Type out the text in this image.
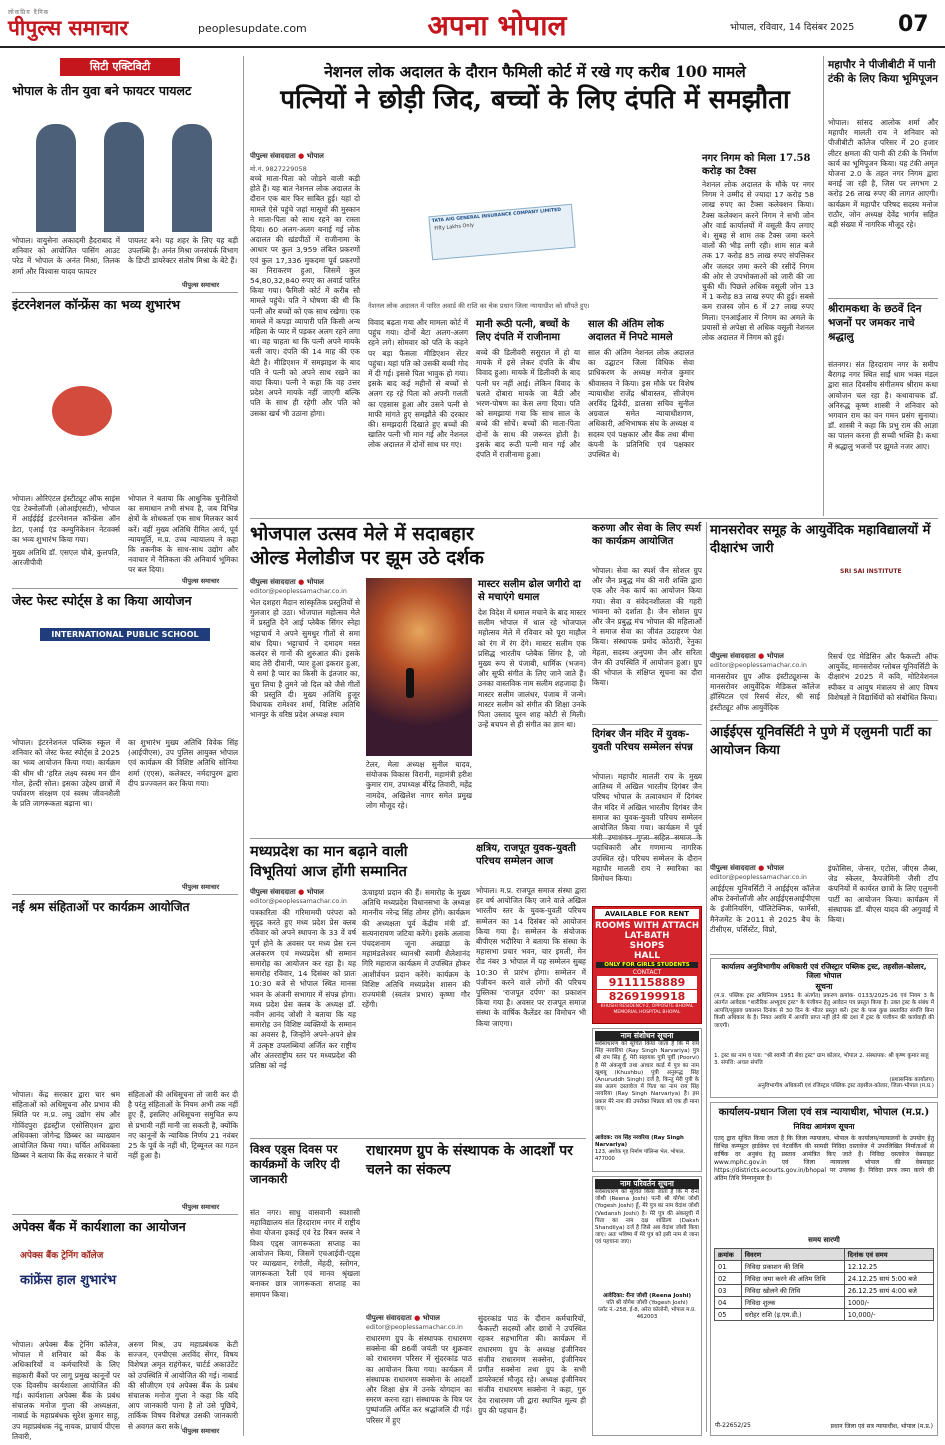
लोकप्रिय दैनिक
पीपुल्स समाचार	peoplesupdate.com	अपना भोपाल	भोपाल, रविवार, 14 दिसंबर 2025 07
सिटी एक्टिविटी
भोपाल के तीन युवा बने फायटर पायलट
भोपाल। वायुसेना अकादमी हैदराबाद में शनिवार को आयोजित पासिंग आउट परेड में भोपाल के अनंत मिश्रा, तिलक शर्मा और विश्वास यादव फायटर
पायलट बने। यह शहर के लिए यह बड़ी उपलब्धि है। अनंत मिश्रा जनसंपर्क विभाग के डिप्टी डायरेक्टर संतोष मिश्रा के बेटे हैं।
पीपुल्स समाचार
इंटरनेशनल कॉन्फ्रेंस का भव्य शुभारंभ
भोपाल। ओरिएंटल इंस्टीट्यूट ऑफ साइंस एंड टेक्नोलॉजी (ओआईएसटी), भोपाल में आईईईई इंटरनेशनल कॉन्फ्रेंस ऑन डेटा, एआई एंड कम्युनिकेशन नेटवर्क्स का भव्य शुभारंभ किया गया।
मुख्य अतिथि डॉ. एसएल चौबे, कुलपति, आरजीपीवी
भोपाल ने बताया कि आधुनिक चुनौतियों का समाधान तभी संभव है, जब विभिन्न क्षेत्रों के शोधकर्ता एक साथ मिलकर कार्य करें। वहीं मुख्य अतिथि रीमित आर्य, पूर्व न्यायमूर्ति, म.प्र. उच्च न्यायालय ने कहा कि तकनीक के साथ-साथ उद्योग और नवाचार में नैतिकता की अनिवार्य भूमिका पर बल दिया।
पीपुल्स समाचार
जेस्ट फेस्ट स्पोर्ट्स डे का किया आयोजन
INTERNATIONAL PUBLIC SCHOOL
भोपाल। इंटरनेशनल पब्लिक स्कूल में शनिवार को जेस्ट फेस्ट स्पोर्ट्स डे 2025 का भव्य आयोजन किया गया। कार्यक्रम की थीम थी 'हरित लक्ष्य स्वस्थ मन ग्रीन गोल, हेल्दी सोल। इसका उद्देश्य छात्रों में पर्यावरण संरक्षण एवं स्वस्थ जीवनशैली के प्रति जागरूकता बढ़ाना था।
का शुभारंभ मुख्य अतिथि विवेक सिंह (आईपीएस), उप पुलिस आयुक्त भोपाल एवं कार्यक्रम की विशिष्ट अतिथि सोनिया शर्मा (एएस), कलेक्टर, नर्मदापुरम द्वारा दीप प्रज्ज्वलन कर किया गया।
पीपुल्स समाचार
नई श्रम संहिताओं पर कार्यक्रम आयोजित
भोपाल। केंद्र सरकार द्वारा चार श्रम संहिताओं को अधिसूचना और प्रभाव की स्थिति पर म.प्र. लघु उद्योग संघ और गोविंदपुरा इंडस्ट्रीज एसोसिएशन द्वारा अधिवक्ता जोगेन्द्र छिब्बर का व्याख्यान आयोजित किया गया। चर्चित अधिवक्ता छिब्बर ने बताया कि केंद्र सरकार ने चारों
संहिताओं की अधिसूचना तो जारी कर दी है परंतु संहिताओं के नियम अभी तक नहीं हुए हैं, इसलिए अधिसूचना समुचित रूप से प्रभावी नहीं मानी जा सकती है, क्योंकि नए कानूनों के न्यायिक निर्णय 21 नवंबर 25 के पूर्व के नहीं थी, ट्रिब्यूनल का गठन नहीं हुआ है।
पीपुल्स समाचार
अपेक्स बैंक में कार्यशाला का आयोजन
अपेक्स बैंक ट्रेनिंग कॉलेज
कांफ्रेंस हाल शुभारंभ
भोपाल। अपेक्स बैंक ट्रेनिंग कॉलेज, भोपाल में शनिवार को बैंक के अधिकारियों व कर्मचारियों के लिए सहकारी बैंकों पर लागू प्रमुख कानूनों पर एक दिवसीय कार्यशाला आयोजित की गई। कार्यशाला अपेक्स बैंक के प्रबंध संचालक मनोज गुप्ता की अध्यक्षता, नाबार्ड के महाप्रबंधक सुरेश कुमार साहू, उप महाप्रबंधक नंदू नायक, प्राचार्य पीएस तिवारी,
अरुण मिश्र, उप महाप्रबंधक केटी सज्जन, एनपीएस अरविंद सेंगर, विषय विशेषज्ञ अमृत राहंगेकर, चार्टर्ड अकाउंटेंट को उपस्थिति में आयोजित की गई। नाबार्ड की सीजीएम एवं अपेक्स बैंक के प्रबंध संचालक मनोज गुप्ता ने कहा कि यदि आप जानकारी पाना है तो उसे पूछिये, तार्किक विषय विशेषज्ञ उसकी जानकारी से अवगत करा सके।
पीपुल्स समाचार
नेशनल लोक अदालत के दौरान फैमिली कोर्ट में रखे गए करीब 100 मामले
पत्नियों ने छोड़ी जिद, बच्चों के लिए दंपति में समझौता
पीपुल्स संवाददाता ● भोपाल
मो.नं. 9827229058
बच्चे माता-पिता को जोड़ने वाली कड़ी होते हैं। यह बात नेशनल लोक अदालत के दौरान एक बार फिर साबित हुई। यहां दो मामले ऐसे पहुंचे जहां मासूमों की मुस्कान ने माता-पिता को साथ रहने का रास्ता दिया। 60 अलग-अलग बनाई गई लोक अदालत की खंडपीठों में राजीनामा के आधार पर कुल 3,959 लंबित प्रकरणों एवं कुल 17,336 मुकदमा पूर्व प्रकरणों का निराकरण हुआ, जिसमें कुल 54,80,32,840 रुपए का अवार्ड पारित किया गया। फैमिली कोर्ट में करीब सौ मामले पहुंचे। पति ने घोषणा की थी कि पत्नी और बच्चों को एक साथ रखेगा। एक मामले में कपड़ा व्यापारी पति किसी अन्य महिला के प्यार में पड़कर अलग रहने लगा था। वह चाहता था कि पत्नी अपने मायके चली जाए। दंपति की 14 माह की एक बेटी है। मीडिएशन में समझाइश के बाद पति ने पत्नी को अपने साथ रखने का वादा किया। पत्नी ने कहा कि वह उत्तर प्रदेश अपने मायके नहीं जाएगी बल्कि पति के साथ ही रहेगी और पति को उसका खर्च भी उठाना होगा।
TATA AIG GENERAL INSURANCE COMPANY LIMITED
Fifty Lakhs Only
नेशनल लोक अदालत में पारित अवार्ड की राशि का चेक प्रधान जिला न्यायाधीश को सौंपते हुए।
विवाद बढ़ता गया और मामला कोर्ट में पहुंच गया। दोनों बेटा अलग-अलग रहने लगे। सोमवार को पति के कहने पर बड़ा फैसला मीडिएशन सेंटर पहुंचा। यहां पति को उसकी बच्ची गोद में दी गई। इससे पिता भावुक हो गया। इसके बाद कई महीनों से बच्चों से अलग रह रहे पिता को अपनी गलती का एहसास हुआ और उसने पत्नी से माफी मांगते हुए समझौते की दरकार की। समझदारी दिखाते हुए बच्चों की खातिर पत्नी भी मान गई और नेशनल लोक अदालत में दोनों साथ घर गए।
मानी रूठी पत्नी, बच्चों के लिए दंपति में राजीनामा
बच्चे की डिलीवरी ससुराल में हो या मायके में इसे लेकर दंपति के बीच विवाद हुआ। मायके में डिलीवरी के बाद पत्नी घर नहीं आई। लेकिन विवाद के चलते दोबारा मायके जा बैठी और भरण-पोषण का केस लगा दिया। पति को समझाया गया कि साथ साल के बच्चे की सोचें। बच्चों की माता-पिता दोनों के साथ की जरूरत होती है। इसके बाद रूठी पत्नी मान गई और दंपति में राजीनामा हुआ।
साल की अंतिम लोक अदालत में निपटे मामले
साल की अंतिम नेशनल लोक अदालत का उद्घाटन जिला विधिक सेवा प्राधिकरण के अध्यक्ष मनोज कुमार श्रीवास्तव ने किया। इस मौके पर विशेष न्यायाधीश राजेंद्र श्रीवास्तव, सीजेएम अरविंद द्विवेदी, डालसा सचिव सुनील अग्रवाल समेत न्यायाधीशगण, अधिकारी, अभिभाषक संघ के अध्यक्ष व सदस्य एवं पक्षकार और बैंक तथा बीमा कंपनी के प्रतिनिधि एवं पक्षकार उपस्थित थे।
नगर निगम को मिला 17.58 करोड़ का टैक्स
नेशनल लोक अदालत के मौके पर नगर निगम ने उम्मीद से ज्यादा 17 करोड़ 58 लाख रुपए का टैक्स कलेक्शन किया। टैक्स कलेक्शन करने निगम ने सभी जोन और वार्ड कार्यालयों में वसूली कैंप लगाए थे। सुबह से शाम तक टैक्स जमा करने वालों की भीड़ लगी रही। शाम सात बजे तक 17 करोड़ 85 लाख रुपए संपत्तिकर और जलदर जमा करने की रसीदें निगम की ओर से उपभोक्ताओं को जारी की जा चुकी थीं। पिछले अधिक वसूली जोन 13 में 1 करोड़ 83 लाख रुपए की हुई। सबसे कम राजस्व जोन 6 में 27 लाख रुपए मिला। एनआईआर में निगम का अमले के प्रयासों से अपेक्षा से अधिक वसूली नेशनल लोक अदालत में निगम को हुई।
महापौर ने पीजीबीटी में पानी टंकी के लिए किया भूमिपूजन
भोपाल। सांसद आलोक शर्मा और महापौर मालती राय ने शनिवार को पीजीबीटी कॉलेज परिसर में 20 हजार लीटर क्षमता की पानी की टंकी के निर्माण कार्य का भूमिपूजन किया। यह टंकी अमृत योजना 2.0 के तहत नगर निगम द्वारा बनाई जा रही है, जिस पर लगभग 2 करोड़ 26 लाख रुपए की लागत आएगी। कार्यक्रम में महापौर परिषद सदस्य मनोज राठौर, जोन अध्यक्ष देवेंद्र भार्गव सहित बड़ी संख्या में नागरिक मौजूद रहे।
श्रीरामकथा के छठवें दिन भजनों पर जमकर नाचे श्रद्धालु
संतनगर। संत हिरदाराम नगर के समीप बैरागढ़ नगर स्थित साईं धाम भक्त मंडल द्वारा सात दिवसीय संगीतमय श्रीराम कथा आयोजन चल रहा है। कथावाचक डॉ. अनिरुद्ध कृष्ण शास्त्री ने शनिवार को भगवान राम का वन गमन प्रसंग सुनाया। डॉ. शास्त्री ने कहा कि प्रभु राम की आज्ञा का पालन करना ही सच्ची भक्ति है। कथा में श्रद्धालु भजनों पर झूमते नजर आए।
भोजपाल उत्सव मेले में सदाबहार
ओल्ड मेलोडीज पर झूम उठे दर्शक
पीपुल्स संवाददाता ● भोपाल
editor@peoplessamachar.co.in
भेल दशहरा मैदान सांस्कृतिक प्रस्तुतियों से गुलजार हो उठा। भोजपाल महोत्सव मेले में प्रस्तुति देने आई प्लेबैक सिंगर स्नेहा भट्टाचार्य ने अपने सुमधुर गीतों से समा बांध दिया। भट्टाचार्य ने दमादम मस्त कलंदर से गानों की शुरुआत की। इसके बाद तेरी दीवानी, प्यार हुआ इकरार हुआ, ये समां है प्यार का किसी के इंतजार का, चुरा लिया है तुमने जो दिल को जैसे गीतों की प्रस्तुति दी। मुख्य अतिथि हुजूर विधायक रामेश्वर शर्मा, विशिष्ट अतिथि भानपुर के वरिष्ठ प्रदेश अध्यक्ष श्याम
टेलर, मेला अध्यक्ष सुनील यादव, संयोजक विकास विरानी, महामंत्री हरीश कुमार राम, उपाध्यक्ष बीरेंद्र तिवारी, महेंद्र नामदेव, अखिलेश नागर समेत प्रमुख लोग मौजूद रहे।
मास्टर सलीम ढोल जगीरो दा से मचाएंगे धमाल
देश विदेश में धमाल मचाने के बाद मास्टर सलीम भोपाल में धाल रहे भोजपाल महोत्सव मेले में रविवार को पूरा माहौल को रंग में रंग देंगे। मास्टर सलीम एक प्रसिद्ध भारतीय प्लेबैक सिंगर है, जो मुख्य रूप से पंजाबी, धार्मिक (भजन) और सूफी संगीत के लिए जाने जाते हैं। उनका वास्तविक नाम सलीम शहजादा है। मास्टर सलीम जालंधर, पंजाब में जन्मे। मास्टर सलीम को संगीत की शिक्षा उनके पिता उस्ताद पूरन शाह कोटी से मिली। उन्हें बचपन से ही संगीत का ज्ञान था।
करुणा और सेवा के लिए स्पर्श का कार्यक्रम आयोजित
भोपाल। सेवा का स्पर्श जैन सोशल ग्रुप और जैन प्रबुद्ध मंच की नारी शक्ति द्वारा एक और नेक कार्य का आयोजन किया गया। सेवा व संवेदनशीलता की गहरी भावना को दर्शाता है। जैन सोशल ग्रुप और जैन प्रबुद्ध मंच भोपाल की महिलाओं ने समाज सेवा का जीवंत उदाहरण पेश किया। संस्थापक प्रमोद कोठारी, रेनुका मेहता, सदस्य अनुपमा जैन और सरिता जैन की उपस्थिति में आयोजन हुआ। ग्रुप की भोपाल के संक्षिप्त सूचना का दौरा किया।
दिगंबर जैन मंदिर में युवक-युवती परिचय सम्मेलन संपन्न
भोपाल। महापौर मालती राय के मुख्य आतिथ्य में अखिल भारतीय दिगंबर जैन परिषद भोपाल के तत्वावधान में दिगंबर जैन मंदिर में अखिल भारतीय दिगंबर जैन समाज का युवक-युवती परिचय सम्मेलन आयोजित किया गया। कार्यक्रम में पूर्व पदाधिकारी और गणमान्य नागरिक उपस्थित रहे। परिचय सम्मेलन के दौरान महापौर मालती राय ने स्मारिका का विमोचन किया।
मानसरोवर समूह के आयुर्वेदिक महाविद्यालयों में दीक्षारंभ जारी
SRI SAI INSTITUTE
पीपुल्स संवाददाता ● भोपाल
editor@peoplessamachar.co.in
मानसरोवर ग्रुप ऑफ इंस्टीट्यूशन्स के मानसरोवर आयुर्वेदिक मेडिकल कॉलेज हॉस्पिटल एवं रिसर्च सेंटर, श्री साई इंस्टीट्यूट ऑफ आयुर्वेदिक
रिसर्च एंड मेडिसिन और फैकल्टी ऑफ आयुर्वेद, मानसरोवर ग्लोबल यूनिवर्सिटी के दीक्षारंभ 2025 में कवि, मोटिवेशनल स्पीकर व आयुष मंत्रालय से आए विषय विशेषज्ञों ने विद्यार्थियों को संबोधित किया।
आईईएस यूनिवर्सिटी ने पुणे में एलुमनी पार्टी का आयोजन किया
पीपुल्स संवाददाता ● भोपाल
editor@peoplessamachar.co.in
आईईएस यूनिवर्सिटी ने आईईएस कॉलेज ऑफ टेक्नोलॉजी और आईईएसआईपीएस के इंजीनियरिंग, पॉलिटेक्निक, फार्मेसी, मैनेजमेंट के 2011 से 2025 बैच के टीसीएस, पर्सिस्टेंट, विप्रो,
इंफोसिस, जेन्सर, एटोस, जीएस लैब्स, जेड स्केलर, कैपजेमिनी जैसी टॉप कंपनियों में कार्यरत छात्रों के लिए एलुमनी पार्टी का आयोजन किया। कार्यक्रम में संस्थापक डॉ. बीएस यादव की अगुवाई में किया।
कार्यालय अनुविभागीय अधिकारी एवं रजिस्ट्रार पब्लिक ट्रस्ट, तहसील-कोलार, जिला भोपाल
सूचना
(म.प्र. पब्लिक ट्रस्ट अधिनियम 1951 के अंतर्गत) प्रकरण क्रमांक- 0133/2025-26 एवं नियम 3 के अंतर्गत आवेदक "शारीरिक अभ्युदय ट्रस्ट" के पंजीयन हेतु आवेदन पत्र प्रस्तुत किया है। उक्त ट्रस्ट के संबंध में आपत्ति/सुझाव प्रकाशन दिनांक से 30 दिन के भीतर प्रस्तुत करें। ट्रस्ट के पास कुछ प्रस्तावित संपत्ति बिना किसी अधिकार के है। नियत अवधि में आपत्ति प्राप्त नहीं होने की दशा में ट्रस्ट के पंजीयन की कार्यवाही की जाएगी।
1. ट्रस्ट का नाम व पता: "श्री स्वामी जी सेवा ट्रस्ट" ग्राम कोलार, भोपाल 2. संस्थापक: श्री कृष्ण कुमार साहू 3. संपत्ति: अचल संपत्ति
(प्रशासनिक कार्यालय)
अनुविभागीय अधिकारी एवं रजिस्ट्रार पब्लिक ट्रस्ट तहसील-कोलार, जिला-भोपाल (म.प्र.)
कार्यालय-प्रधान जिला एवं सत्र न्यायाधीश, भोपाल (म.प्र.)
निविदा आमंत्रण सूचना
एतद् द्वारा सूचित किया जाता है कि जिला न्यायालय, भोपाल के कार्यालय/न्यायालयों के उपयोग हेतु विभिन्न कम्प्यूटर हार्डवेयर एवं नेटवर्किंग की सामग्री निविदा दस्तावेज में उपरलिखित निर्माताओं से वार्षिक दर अनुबंध हेतु प्रस्ताव आमंत्रित किए जाते हैं। निविदा दस्तावेज वेबसाइट www.mphc.gov.in एवं जिला न्यायालय भोपाल की वेबसाइट https://districts.ecourts.gov.in/bhopal पर उपलब्ध हैं। निविदा प्रपत्र जमा करने की अंतिम तिथि निम्नानुसार है।
समय सारणी
क्रमांक	विवरण	दिनांक एवं समय
01	निविदा प्रकाशन की तिथि	12.12.25
02	निविदा जमा करने की अंतिम तिथि	24.12.25 सायं 5:00 बजे
03	निविदा खोलने की तिथि	26.12.25 सायं 4:00 बजे
04	निविदा शुल्क	1000/-
05	धरोहर राशि (इ.एम.डी.)	10,000/-
पी-22652/25	प्रधान जिला एवं सत्र न्यायाधीश, भोपाल (म.प्र.)
मध्यप्रदेश का मान बढ़ाने वाली
विभूतियां आज होंगी सम्मानित
पीपुल्स संवाददाता ● भोपाल
editor@peoplessamachar.co.in
पत्रकारिता की गरिमामयी परंपरा को सुदृढ़ करते हुए मध्य प्रदेश प्रेस क्लब रविवार को अपने स्थापना के 33 वें वर्ष पूर्ण होने के अवसर पर मध्य प्रेस रत्न अलंकरण एवं मध्यप्रदेश श्री सम्मान समारोह का आयोजन कर रहा है। यह समारोह रविवार, 14 दिसंबर को प्रातः 10:30 बजे से भोपाल स्थित मानस भवन के अंजनी सभागार में संपन्न होगा। मध्य प्रदेश प्रेस क्लब के अध्यक्ष डॉ. नवीन आनंद जोशी ने बताया कि यह समारोह उन विशिष्ट व्यक्तियों के सम्मान का अवसर है, जिन्होंने अपने-अपने क्षेत्र में उत्कृष्ट उपलब्धियां अर्जित कर राष्ट्रीय और अंतरराष्ट्रीय स्तर पर मध्यप्रदेश की प्रतिष्ठा को नई
ऊंचाइयां प्रदान की हैं। समारोह के मुख्य अतिथि मध्यप्रदेश विधानसभा के अध्यक्ष माननीय नरेन्द्र सिंह तोमर होंगे। कार्यक्रम की अध्यक्षता पूर्व केंद्रीय मंत्री डॉ. सत्यनारायण जटिया करेंगे। इसके अलावा पंचदशनाम जूना अखाड़ा के महामंडलेश्वर ध्यानश्री स्वामी शैलेशानंद गिरि महाराज कार्यक्रम में उपस्थित होकर आशीर्वचन प्रदान करेंगे। कार्यक्रम के विशिष्ट अतिथि मध्यप्रदेश शासन की राज्यमंत्री (स्वतंत्र प्रभार) कृष्णा गौर रहेंगी।
क्षत्रिय, राजपूत युवक-युवती परिचय सम्मेलन आज
भोपाल। म.प्र. राजपूत समाज संस्था द्वारा हर वर्ष आयोजित किए जाने वाले अखिल भारतीय स्तर के युवक-युवती परिचय सम्मेलन का 14 दिसंबर को आयोजन किया गया है। सम्मेलन के संयोजक बीपीएस भदौरिया ने बताया कि संस्था के महासभा प्रचार भवन, चार इमली, मेन रोड नंबर 3 भोपाल में यह सम्मेलन सुबह 10:30 से प्रारंभ होगा। सम्मेलन में पंजीयन करने वाले लोगों की परिचय पुस्तिका 'राजपूत दर्पण' का प्रकाशन किया गया है। अवसर पर राजपूत समाज संस्था के वार्षिक कैलेंडर का विमोचन भी किया जाएगा।
AVAILABLE FOR RENT
ROOMS WITH ATTACH LAT-BATH
SHOPS
HALL
ONLY FOR GIRLS STUDENTS
CONTACT
9111158889
8269199918
KHUSHI RESIDENCY-2, OPPOSITE BHOPAL MEMORIAL HOSPITAL BHOPAL
नाम संशोधन सूचना
सर्वसाधारण को सूचित किया जाता है कि मैं राय सिंह नरवरिया (Ray Singh Narvariya) पुत्र श्री राम सिंह हूँ, मेरी सहायक पुत्री पूर्वी (Poorvi) है मेरे अंकसूची तथा आधार कार्ड में पुत्र का नाम खुशबू (Khushbu) पुत्री अनुरूद्ध सिंह (Anuruddh Singh) दर्ज है, किन्तु मेरी पुत्री के सब अलग दस्तावेज में पिता का नाम राय सिंह नरवरिया (Ray Singh Narvariya) है। इस प्रकार मेरे नाम की उपरोक्त भिन्नता को एक ही माना जाए।
आवेदक: राय सिंह नरवरिया (Ray Singh Narvariya)
123, अशोक गृह निर्माण पॉलिन्स भेल, भोपाल, 477000
नाम परिवर्तन सूचना
सर्वसाधारण को सूचित किया जाता है कि मैं रीना जोशी (Reena Joshi) पत्नी श्री योगेश जोशी (Yogesh Joshi) हूँ, मेरे पुत्र का नाम वेदांश जोशी (Vedansh Joshi) है। मेरे पुत्र की अंकसूची में पिता का नाम दक्ष शांडिल्य (Daksh Shandilya) दर्ज है जिसे अब वेदांश जोशी किया जाए। अतः भविष्य में मेरे पुत्र को इसी नाम से जाना एवं पहचाना जाए।
आवेदिका: रीना जोशी (Reena Joshi)
पति श्री योगेश जोशी (Yogesh Joshi)
प्लॉट नं.-258, ई-8, अरेरा कॉलोनी, भोपाल म.प्र. 462003
विश्व एड्स दिवस पर कार्यक्रमों के जरिए दी जानकारी
संत नगर। साधु वासवानी स्वशासी महाविद्यालय संत हिरदाराम नगर में राष्ट्रीय सेवा योजना इकाई एवं रेड रिबन क्लब ने विश्व एड्स जागरूकता सप्ताह का आयोजन किया, जिसमें एचआईवी-एड्स पर व्याख्यान, रंगोली, मेंहदी, स्लोगन, जागरूकता रैली एवं मानव श्रृंखला बनाकर छात्र जागरूकता सप्ताह का समापन किया।
राधारमण ग्रुप के संस्थापक के आदर्शों पर चलने का संकल्प
सुंदरकांड पाठ
पीपुल्स संवाददाता ● भोपाल
editor@peoplessamachar.co.in
राधारमण ग्रुप के संस्थापक राधारमण सक्सेना की 86वीं जयंती पर शुक्रवार को राधारमण परिसर में सुंदरकांड पाठ का आयोजन किया गया। कार्यक्रम में संस्थापक राधारमण सक्सेना के आदर्शों और शिक्षा क्षेत्र में उनके योगदान का स्मरण करना रहा। संस्थापक के चित्र पर पुष्पांजलि अर्पित कर श्रद्धांजलि दी गई। परिसर में हुए
सुंदरकांड पाठ के दौरान कर्मचारियों, फैकल्टी सदस्यों और छात्रों ने उपस्थित रहकर सहभागिता की। कार्यक्रम में राधारमण ग्रुप के अध्यक्ष इंजीनियर संजीव राधारमण सक्सेना, इंजीनियर प्रणीत सक्सेना तथा ग्रुप के सभी डायरेक्टर्स मौजूद रहे। अध्यक्ष इंजीनियर संजीव राधारमण सक्सेना ने कहा, गुरु देव राधारमण जी द्वारा स्थापित मूल्य ही ग्रुप की पहचान हैं।
